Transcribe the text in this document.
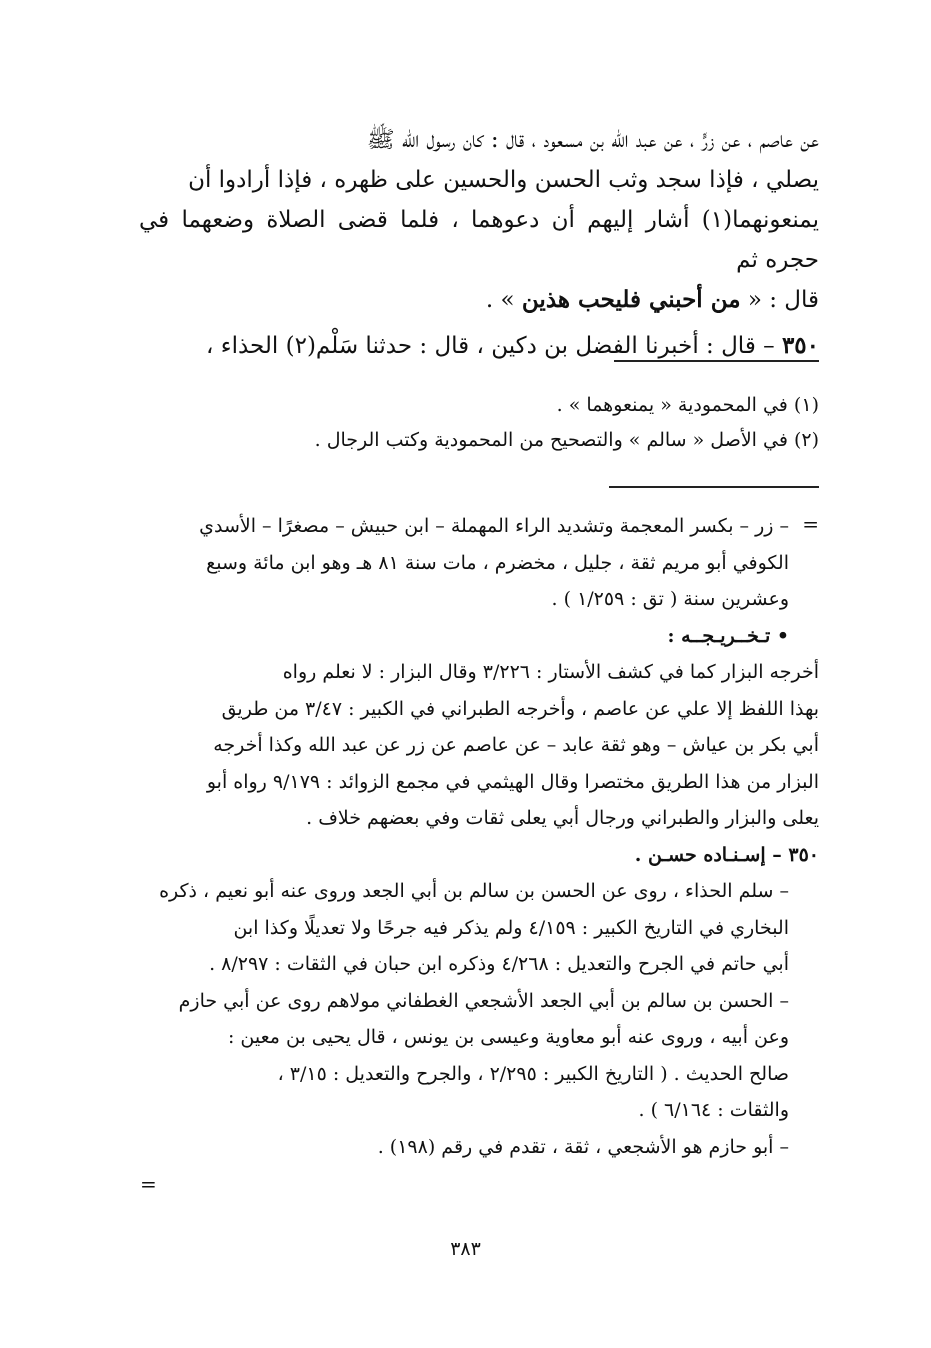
عن عاصم ، عن زرٍّ ، عن عبد الله بن مسعود ، قال : كان رسول الله ﷺ

يصلي ، فإذا سجد وثب الحسن والحسين على ظهره ، فإذا أرادوا أن

يمنعونهما(١) أشار إليهم أن دعوهما ، فلما قضى الصلاة وضعهما في حجره ثم

قال : « من أحبني فليحب هذين » .

٣٥٠ – قال : أخبرنا الفضل بن دكين ، قال : حدثنا سَلْم(٢) الحذاء ،

(١) في المحمودية « يمنعوهما » .

(٢) في الأصل « سالم » والتصحيح من المحمودية وكتب الرجال .

=

– زر – بكسر المعجمة وتشديد الراء المهملة – ابن حبيش – مصغرًا – الأسدي

الكوفي أبو مريم ثقة ، جليل ، مخضرم ، مات سنة ٨١ هـ وهو ابن مائة وسبع

وعشرين سنة ( تق : ١/٢٥٩ ) .

• تـخــريـجــه :

أخرجه البزار كما في كشف الأستار : ٣/٢٢٦ وقال البزار : لا نعلم رواه

بهذا اللفظ إلا علي عن عاصم ، وأخرجه الطبراني في الكبير : ٣/٤٧ من طريق

أبي بكر بن عياش – وهو ثقة عابد – عن عاصم عن زر عن عبد الله وكذا أخرجه

البزار من هذا الطريق مختصرا وقال الهيثمي في مجمع الزوائد : ٩/١٧٩ رواه أبو

يعلى والبزار والطبراني ورجال أبي يعلى ثقات وفي بعضهم خلاف .

٣٥٠ – إسـنـاده حسـن .

– سلم الحذاء ، روى عن الحسن بن سالم بن أبي الجعد وروى عنه أبو نعيم ، ذكره

البخاري في التاريخ الكبير : ٤/١٥٩ ولم يذكر فيه جرحًا ولا تعديلًا وكذا ابن

أبي حاتم في الجرح والتعديل : ٤/٢٦٨ وذكره ابن حبان في الثقات : ٨/٢٩٧ .

– الحسن بن سالم بن أبي الجعد الأشجعي الغطفاني مولاهم روى عن أبي حازم

وعن أبيه ، وروى عنه أبو معاوية وعيسى بن يونس ، قال يحيى بن معين :

صالح الحديث . ( التاريخ الكبير : ٢/٢٩٥ ، والجرح والتعديل : ٣/١٥ ،

والثقات : ٦/١٦٤ ) .

– أبو حازم هو الأشجعي ، ثقة ، تقدم في رقم (١٩٨) .

=
٣٨٣
